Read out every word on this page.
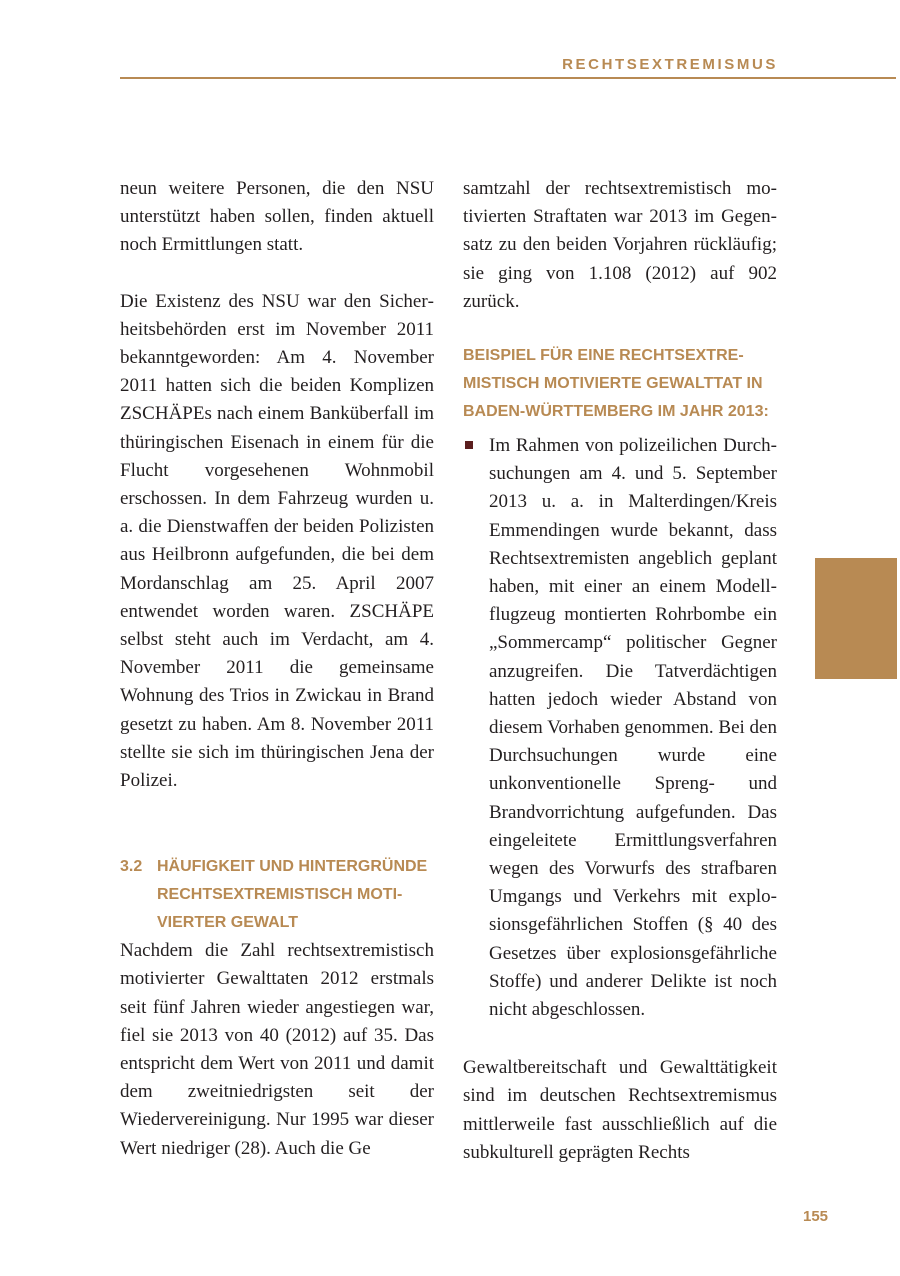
RECHTSEXTREMISMUS

neun weitere Personen, die den NSU unterstützt haben sollen, finden aktuell noch Ermittlungen statt.

Die Existenz des NSU war den Sicherheitsbehörden erst im November 2011 bekanntgeworden: Am 4. November 2011 hatten sich die beiden Komplizen ZSCHÄPEs nach einem Banküberfall im thüringischen Eisenach in einem für die Flucht vorgesehenen Wohnmobil erschossen. In dem Fahrzeug wurden u. a. die Dienstwaffen der beiden Polizisten aus Heilbronn aufgefunden, die bei dem Mordanschlag am 25. April 2007 entwendet worden waren. ZSCHÄPE selbst steht auch im Verdacht, am 4. November 2011 die gemeinsame Wohnung des Trios in Zwickau in Brand gesetzt zu haben. Am 8. November 2011 stellte sie sich im thüringischen Jena der Polizei.

3.2 HÄUFIGKEIT UND HINTERGRÜNDE RECHTSEXTREMISTISCH MOTIVIERTER GEWALT

Nachdem die Zahl rechtsextremistisch motivierter Gewalttaten 2012 erstmals seit fünf Jahren wieder angestiegen war, fiel sie 2013 von 40 (2012) auf 35. Das entspricht dem Wert von 2011 und damit dem zweitniedrigsten seit der Wiedervereinigung. Nur 1995 war dieser Wert niedriger (28). Auch die Ge

samtzahl der rechtsextremistisch motivierten Straftaten war 2013 im Gegensatz zu den beiden Vorjahren rückläufig; sie ging von 1.108 (2012) auf 902 zurück.

BEISPIEL FÜR EINE RECHTSEXTREMISTISCH MOTIVIERTE GEWALTTAT IN BADEN-WÜRTTEMBERG IM JAHR 2013:

Im Rahmen von polizeilichen Durchsuchungen am 4. und 5. September 2013 u. a. in Malterdingen/Kreis Emmendingen wurde bekannt, dass Rechtsextremisten angeblich geplant haben, mit einer an einem Modellflugzeug montierten Rohrbombe ein „Sommercamp“ politischer Gegner anzugreifen. Die Tatverdächtigen hatten jedoch wieder Abstand von diesem Vorhaben genommen. Bei den Durchsuchungen wurde eine unkonventionelle Spreng- und Brandvorrichtung aufgefunden. Das eingeleitete Ermittlungsverfahren wegen des Vorwurfs des strafbaren Umgangs und Verkehrs mit explosionsgefährlichen Stoffen (§ 40 des Gesetzes über explosionsgefährliche Stoffe) und anderer Delikte ist noch nicht abgeschlossen.

Gewaltbereitschaft und Gewalttätigkeit sind im deutschen Rechtsextremismus mittlerweile fast ausschließlich auf die subkulturell geprägten Rechts

155
